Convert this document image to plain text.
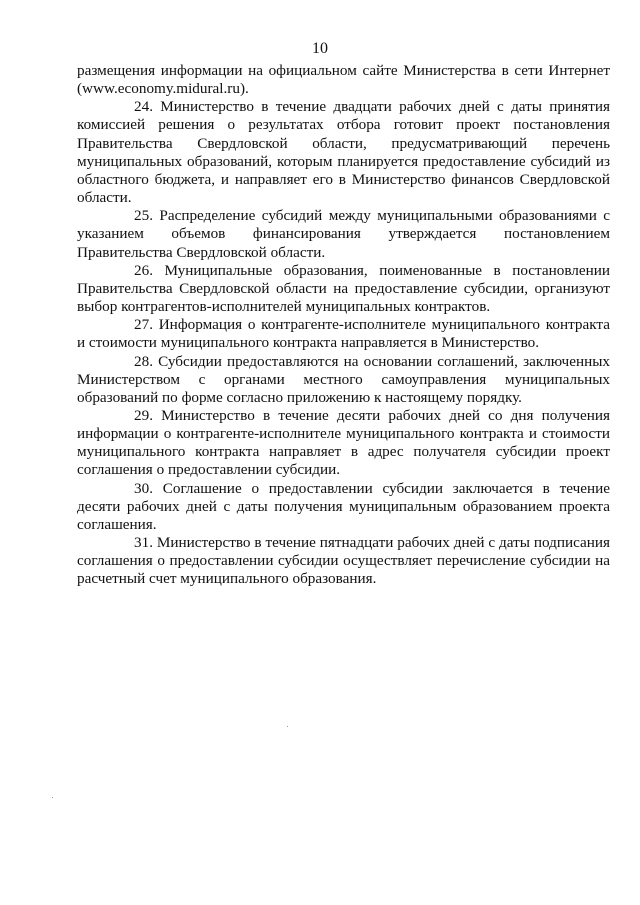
10

размещения информации на официальном сайте Министерства в сети Интернет (www.economy.midural.ru).

24. Министерство в течение двадцати рабочих дней с даты принятия комиссией решения о результатах отбора готовит проект постановления Правительства Свердловской области, предусматривающий перечень муниципальных образований, которым планируется предоставление субсидий из областного бюджета, и направляет его в Министерство финансов Свердловской области.

25. Распределение субсидий между муниципальными образованиями с указанием объемов финансирования утверждается постановлением Правительства Свердловской области.

26. Муниципальные образования, поименованные в постановлении Правительства Свердловской области на предоставление субсидии, организуют выбор контрагентов-исполнителей муниципальных контрактов.

27. Информация о контрагенте-исполнителе муниципального контракта и стоимости муниципального контракта направляется в Министерство.

28. Субсидии предоставляются на основании соглашений, заключенных Министерством с органами местного самоуправления муниципальных образований по форме согласно приложению к настоящему порядку.

29. Министерство в течение десяти рабочих дней со дня получения информации о контрагенте-исполнителе муниципального контракта и стоимости муниципального контракта направляет в адрес получателя субсидии проект соглашения о предоставлении субсидии.

30. Соглашение о предоставлении субсидии заключается в течение десяти рабочих дней с даты получения муниципальным образованием проекта соглашения.

31. Министерство в течение пятнадцати рабочих дней с даты подписания соглашения о предоставлении субсидии осуществляет перечисление субсидии на расчетный счет муниципального образования.
